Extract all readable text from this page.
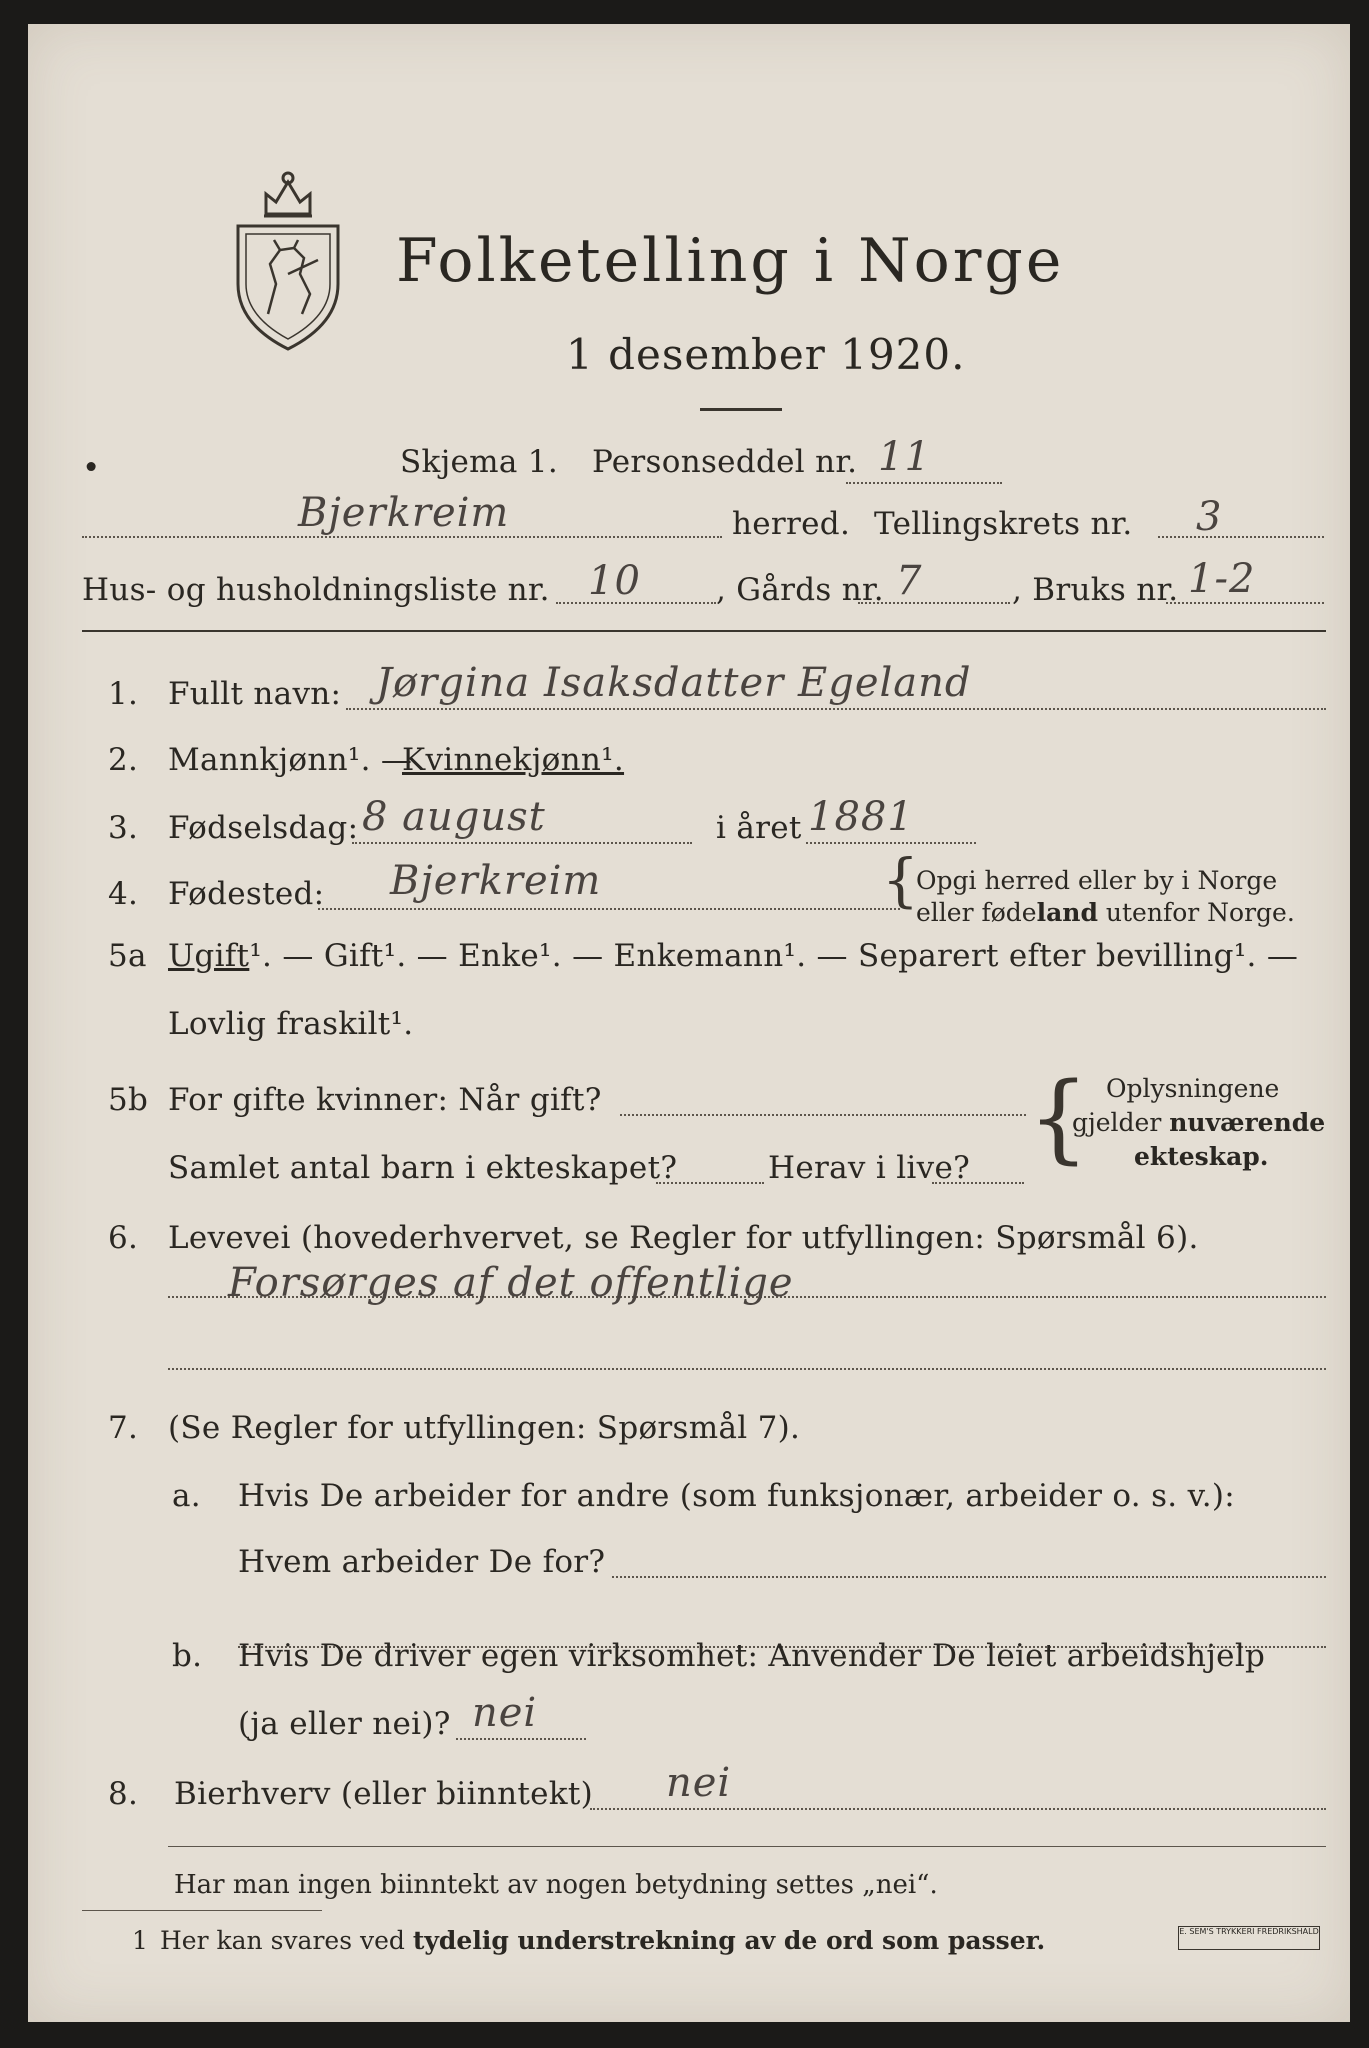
Folketelling i Norge
1 desember 1920.
•	Skjema 1. Personseddel nr. 11
Bjerkreim	herred. Tellingskrets nr. 3
Hus- og husholdningsliste nr. 10 , Gårds nr. 7	, Bruks nr. 1-2
1. Fullt navn: Jørgina Isaksdatter Egeland
2. Mannkjønn¹. —
Kvinnekjønn¹.
3. Fødselsdag: 8 august	i året 1881
4. Fødested: Bjerkreim	{
Opgi herred eller by i Norge
eller fødeland utenfor Norge.
5a Ugift¹. — Gift¹. — Enke¹. — Enkemann¹. — Separert efter bevilling¹. —
Lovlig fraskilt¹.
5b For gifte kvinner: Når gift?
Samlet antal barn i ekteskapet?	Herav i live? { Oplysningene
gjelder nuværende
ekteskap.
6. Levevei (hovederhvervet, se Regler for utfyllingen: Spørsmål 6).
Forsørges af det offentlige
7. (Se Regler for utfyllingen: Spørsmål 7).
a. Hvis De arbeider for andre (som funksjonær, arbeider o. s. v.):
Hvem arbeider De for?
b. Hvis De driver egen virksomhet: Anvender De leiet arbeidshjelp
(ja eller nei)? nei
8. Bierhverv (eller biinntekt) nei
Har man ingen biinntekt av nogen betydning settes „nei“.
1 Her kan svares ved tydelig understrekning av de ord som passer.	E. SEM'S TRYKKERI FREDRIKSHALD
